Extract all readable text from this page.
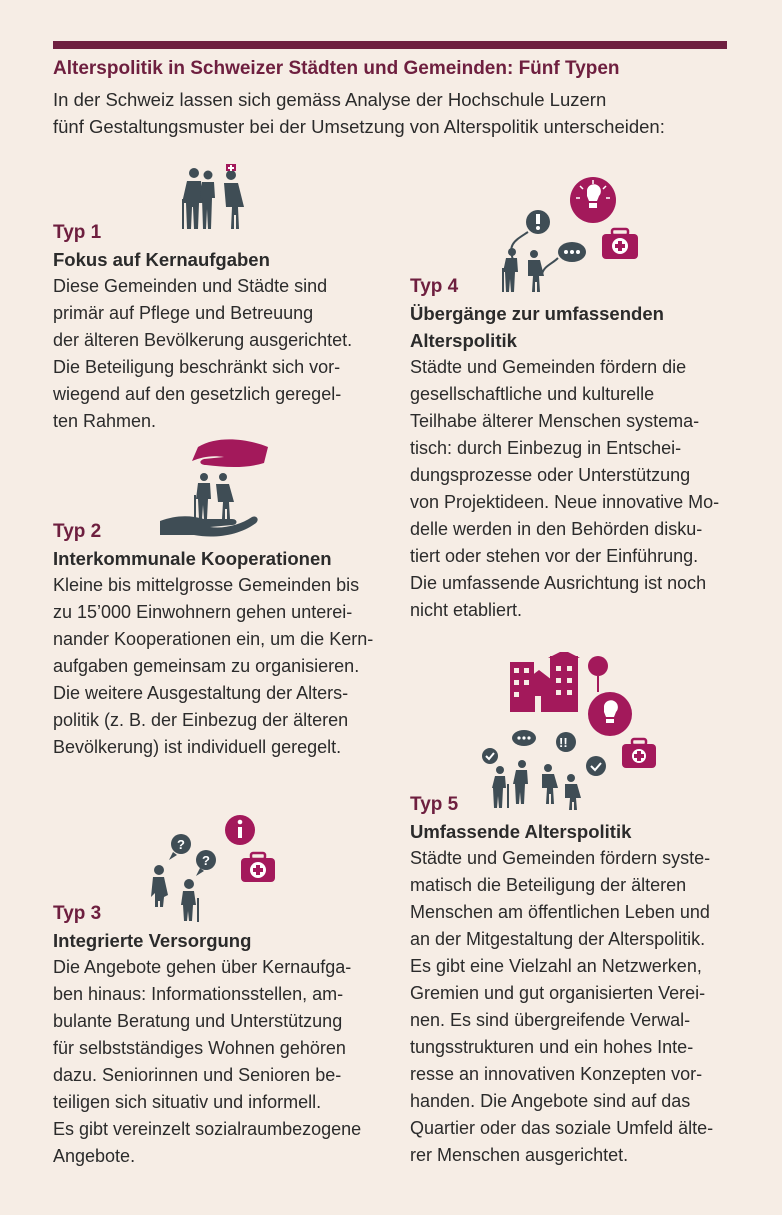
Alterspolitik in Schweizer Städten und Gemeinden: Fünf Typen
In der Schweiz lassen sich gemäss Analyse der Hochschule Luzern
fünf Gestaltungsmuster bei der Umsetzung von Alterspolitik unterscheiden:
?
?
!!
Typ 1
Fokus auf Kernaufgaben
Diese Gemeinden und Städte sind
primär auf Pflege und Betreuung
der älteren Bevölkerung ausgerichtet.
Die Beteiligung beschränkt sich vor-
wiegend auf den gesetzlich geregel-
ten Rahmen.
Typ 2
Interkommunale Kooperationen
Kleine bis mittelgrosse Gemeinden bis
zu 15’000 Einwohnern gehen unterei-
nander Kooperationen ein, um die Kern-
aufgaben gemeinsam zu organisieren.
Die weitere Ausgestaltung der Alters-
politik (z. B. der Einbezug der älteren
Bevölkerung) ist individuell geregelt.
Typ 3
Integrierte Versorgung
Die Angebote gehen über Kernaufga-
ben hinaus: Informationsstellen, am-
bulante Beratung und Unterstützung
für selbstständiges Wohnen gehören
dazu. Seniorinnen und Senioren be-
teiligen sich situativ und informell.
Es gibt vereinzelt sozialraumbezogene
Angebote.
Typ 4
Übergänge zur umfassenden
Alterspolitik
Städte und Gemeinden fördern die
gesellschaftliche und kulturelle
Teilhabe älterer Menschen systema-
tisch: durch Einbezug in Entschei-
dungsprozesse oder Unterstützung
von Projektideen. Neue innovative Mo-
delle werden in den Behörden disku-
tiert oder stehen vor der Einführung.
Die umfassende Ausrichtung ist noch
nicht etabliert.
Typ 5
Umfassende Alterspolitik
Städte und Gemeinden fördern syste-
matisch die Beteiligung der älteren
Menschen am öffentlichen Leben und
an der Mitgestaltung der Alterspolitik.
Es gibt eine Vielzahl an Netzwerken,
Gremien und gut organisierten Verei-
nen. Es sind übergreifende Verwal-
tungsstrukturen und ein hohes Inte-
resse an innovativen Konzepten vor-
handen. Die Angebote sind auf das
Quartier oder das soziale Umfeld älte-
rer Menschen ausgerichtet.
